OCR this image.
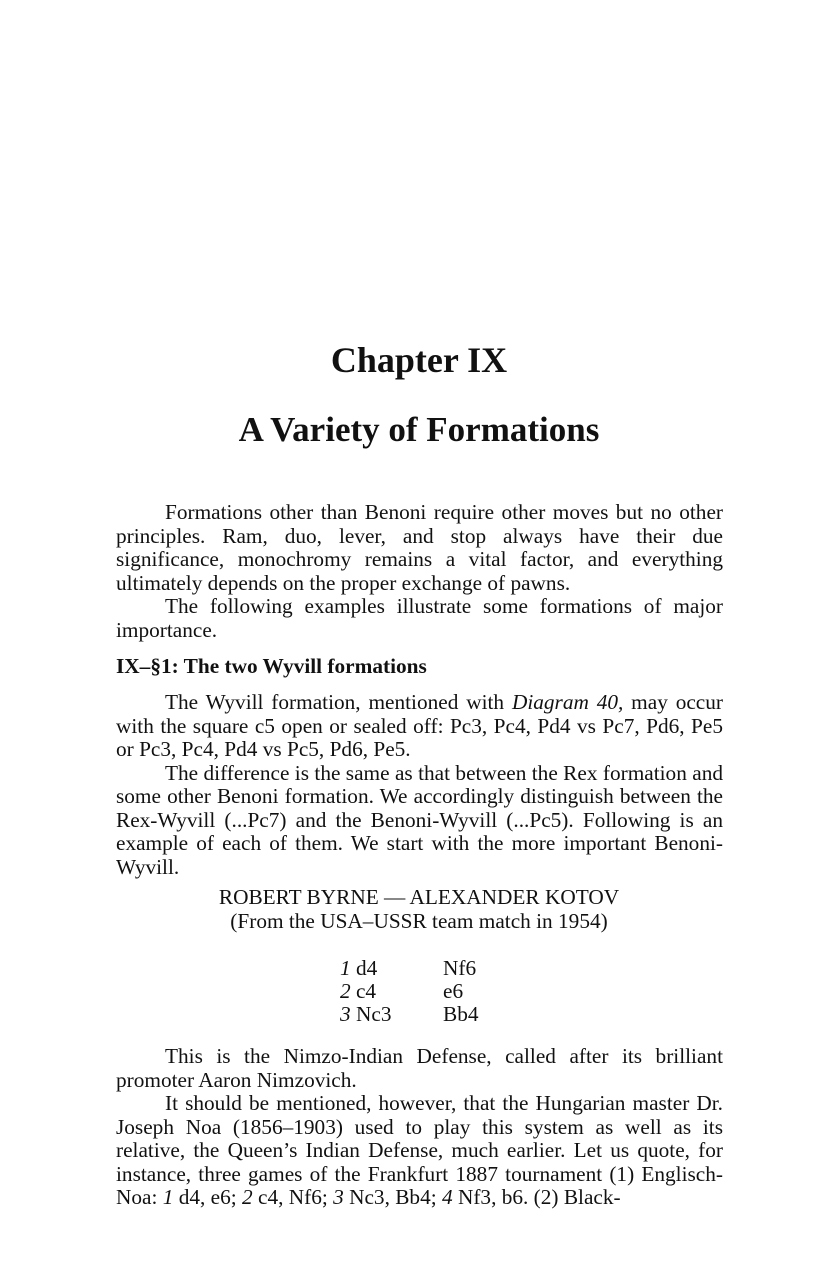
Chapter IX
A Variety of Formations

Formations other than Benoni require other moves but no other principles. Ram, duo, lever, and stop always have their due significance, monochromy remains a vital factor, and everything ultimately depends on the proper exchange of pawns.

The following examples illustrate some formations of major importance.

IX–§1: The two Wyvill formations

The Wyvill formation, mentioned with Diagram 40, may occur with the square c5 open or sealed off: Pc3, Pc4, Pd4 vs Pc7, Pd6, Pe5 or Pc3, Pc4, Pd4 vs Pc5, Pd6, Pe5.

The difference is the same as that between the Rex formation and some other Benoni formation. We accordingly distinguish between the Rex-Wyvill (...Pc7) and the Benoni-Wyvill (...Pc5). Following is an example of each of them. We start with the more important Benoni-Wyvill.

ROBERT BYRNE — ALEXANDER KOTOV
(From the USA–USSR team match in 1954)
1 d4	Nf6
2 c4	e6
3 Nc3	Bb4

This is the Nimzo-Indian Defense, called after its brilliant promoter Aaron Nimzovich.

It should be mentioned, however, that the Hungarian master Dr. Joseph Noa (1856–1903) used to play this system as well as its relative, the Queen’s Indian Defense, much earlier. Let us quote, for instance, three games of the Frankfurt 1887 tournament (1) Englisch-Noa: 1 d4, e6; 2 c4, Nf6; 3 Nc3, Bb4; 4 Nf3, b6. (2) Black-
